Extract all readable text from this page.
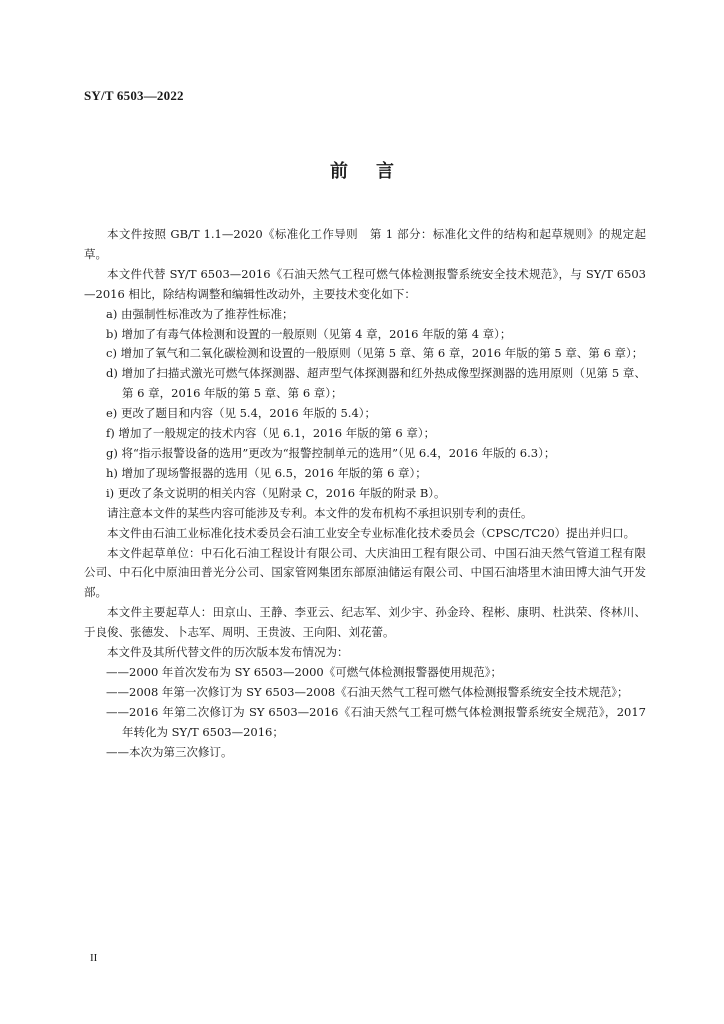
SY/T 6503—2022
前言

本文件按照 GB/T 1.1—2020《标准化工作导则　第 1 部分：标准化文件的结构和起草规则》的规定起草。

本文件代替 SY/T 6503—2016《石油天然气工程可燃气体检测报警系统安全技术规范》，与 SY/T 6503—2016 相比，除结构调整和编辑性改动外，主要技术变化如下：

a) 由强制性标准改为了推荐性标准；

b) 增加了有毒气体检测和设置的一般原则（见第 4 章，2016 年版的第 4 章）；

c) 增加了氧气和二氧化碳检测和设置的一般原则（见第 5 章、第 6 章，2016 年版的第 5 章、第 6 章）；

d) 增加了扫描式激光可燃气体探测器、超声型气体探测器和红外热成像型探测器的选用原则（见第 5 章、第 6 章，2016 年版的第 5 章、第 6 章）；

e) 更改了题目和内容（见 5.4，2016 年版的 5.4）；

f) 增加了一般规定的技术内容（见 6.1，2016 年版的第 6 章）；

g) 将“指示报警设备的选用”更改为“报警控制单元的选用”（见 6.4，2016 年版的 6.3）；

h) 增加了现场警报器的选用（见 6.5，2016 年版的第 6 章）；

i) 更改了条文说明的相关内容（见附录 C，2016 年版的附录 B）。

请注意本文件的某些内容可能涉及专利。本文件的发布机构不承担识别专利的责任。

本文件由石油工业标准化技术委员会石油工业安全专业标准化技术委员会（CPSC/TC20）提出并归口。

本文件起草单位：中石化石油工程设计有限公司、大庆油田工程有限公司、中国石油天然气管道工程有限公司、中石化中原油田普光分公司、国家管网集团东部原油储运有限公司、中国石油塔里木油田博大油气开发部。

本文件主要起草人：田京山、王静、李亚云、纪志军、刘少宇、孙金玲、程彬、康明、杜洪荣、佟林川、于良俊、张德发、卜志军、周明、王贵波、王向阳、刘花蕾。

本文件及其所代替文件的历次版本发布情况为：

——2000 年首次发布为 SY 6503—2000《可燃气体检测报警器使用规范》；

——2008 年第一次修订为 SY 6503—2008《石油天然气工程可燃气体检测报警系统安全技术规范》；

——2016 年第二次修订为 SY 6503—2016《石油天然气工程可燃气体检测报警系统安全规范》，2017 年转化为 SY/T 6503—2016；

——本次为第三次修订。

II
